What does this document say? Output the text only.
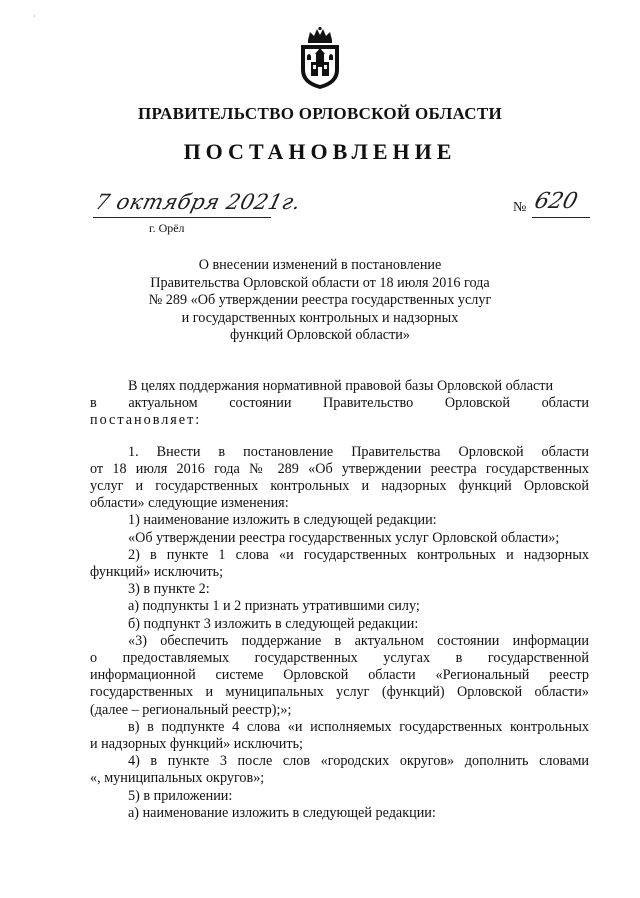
·
ПРАВИТЕЛЬСТВО ОРЛОВСКОЙ ОБЛАСТИ
ПОСТАНОВЛЕНИЕ
7 октября 2021г.
г. Орёл
№ 620
О внесении изменений в постановление
Правительства Орловской области от 18 июля 2016 года
№ 289 «Об утверждении реестра государственных услуг
и государственных контрольных и надзорных
функций Орловской области»
В целях поддержания нормативной правовой базы Орловской области
в актуальном состоянии Правительство Орловской области
постановляет:
1. Внести в постановление Правительства Орловской области
от 18 июля 2016 года № 289 «Об утверждении реестра государственных
услуг и государственных контрольных и надзорных функций Орловской
области» следующие изменения:
1) наименование изложить в следующей редакции:
«Об утверждении реестра государственных услуг Орловской области»;
2) в пункте 1 слова «и государственных контрольных и надзорных
функций» исключить;
3) в пункте 2:
а) подпункты 1 и 2 признать утратившими силу;
б) подпункт 3 изложить в следующей редакции:
«3) обеспечить поддержание в актуальном состоянии информации
о предоставляемых государственных услугах в государственной
информационной системе Орловской области «Региональный реестр
государственных и муниципальных услуг (функций) Орловской области»
(далее – региональный реестр);»;
в) в подпункте 4 слова «и исполняемых государственных контрольных
и надзорных функций» исключить;
4) в пункте 3 после слов «городских округов» дополнить словами
«, муниципальных округов»;
5) в приложении:
а) наименование изложить в следующей редакции:
